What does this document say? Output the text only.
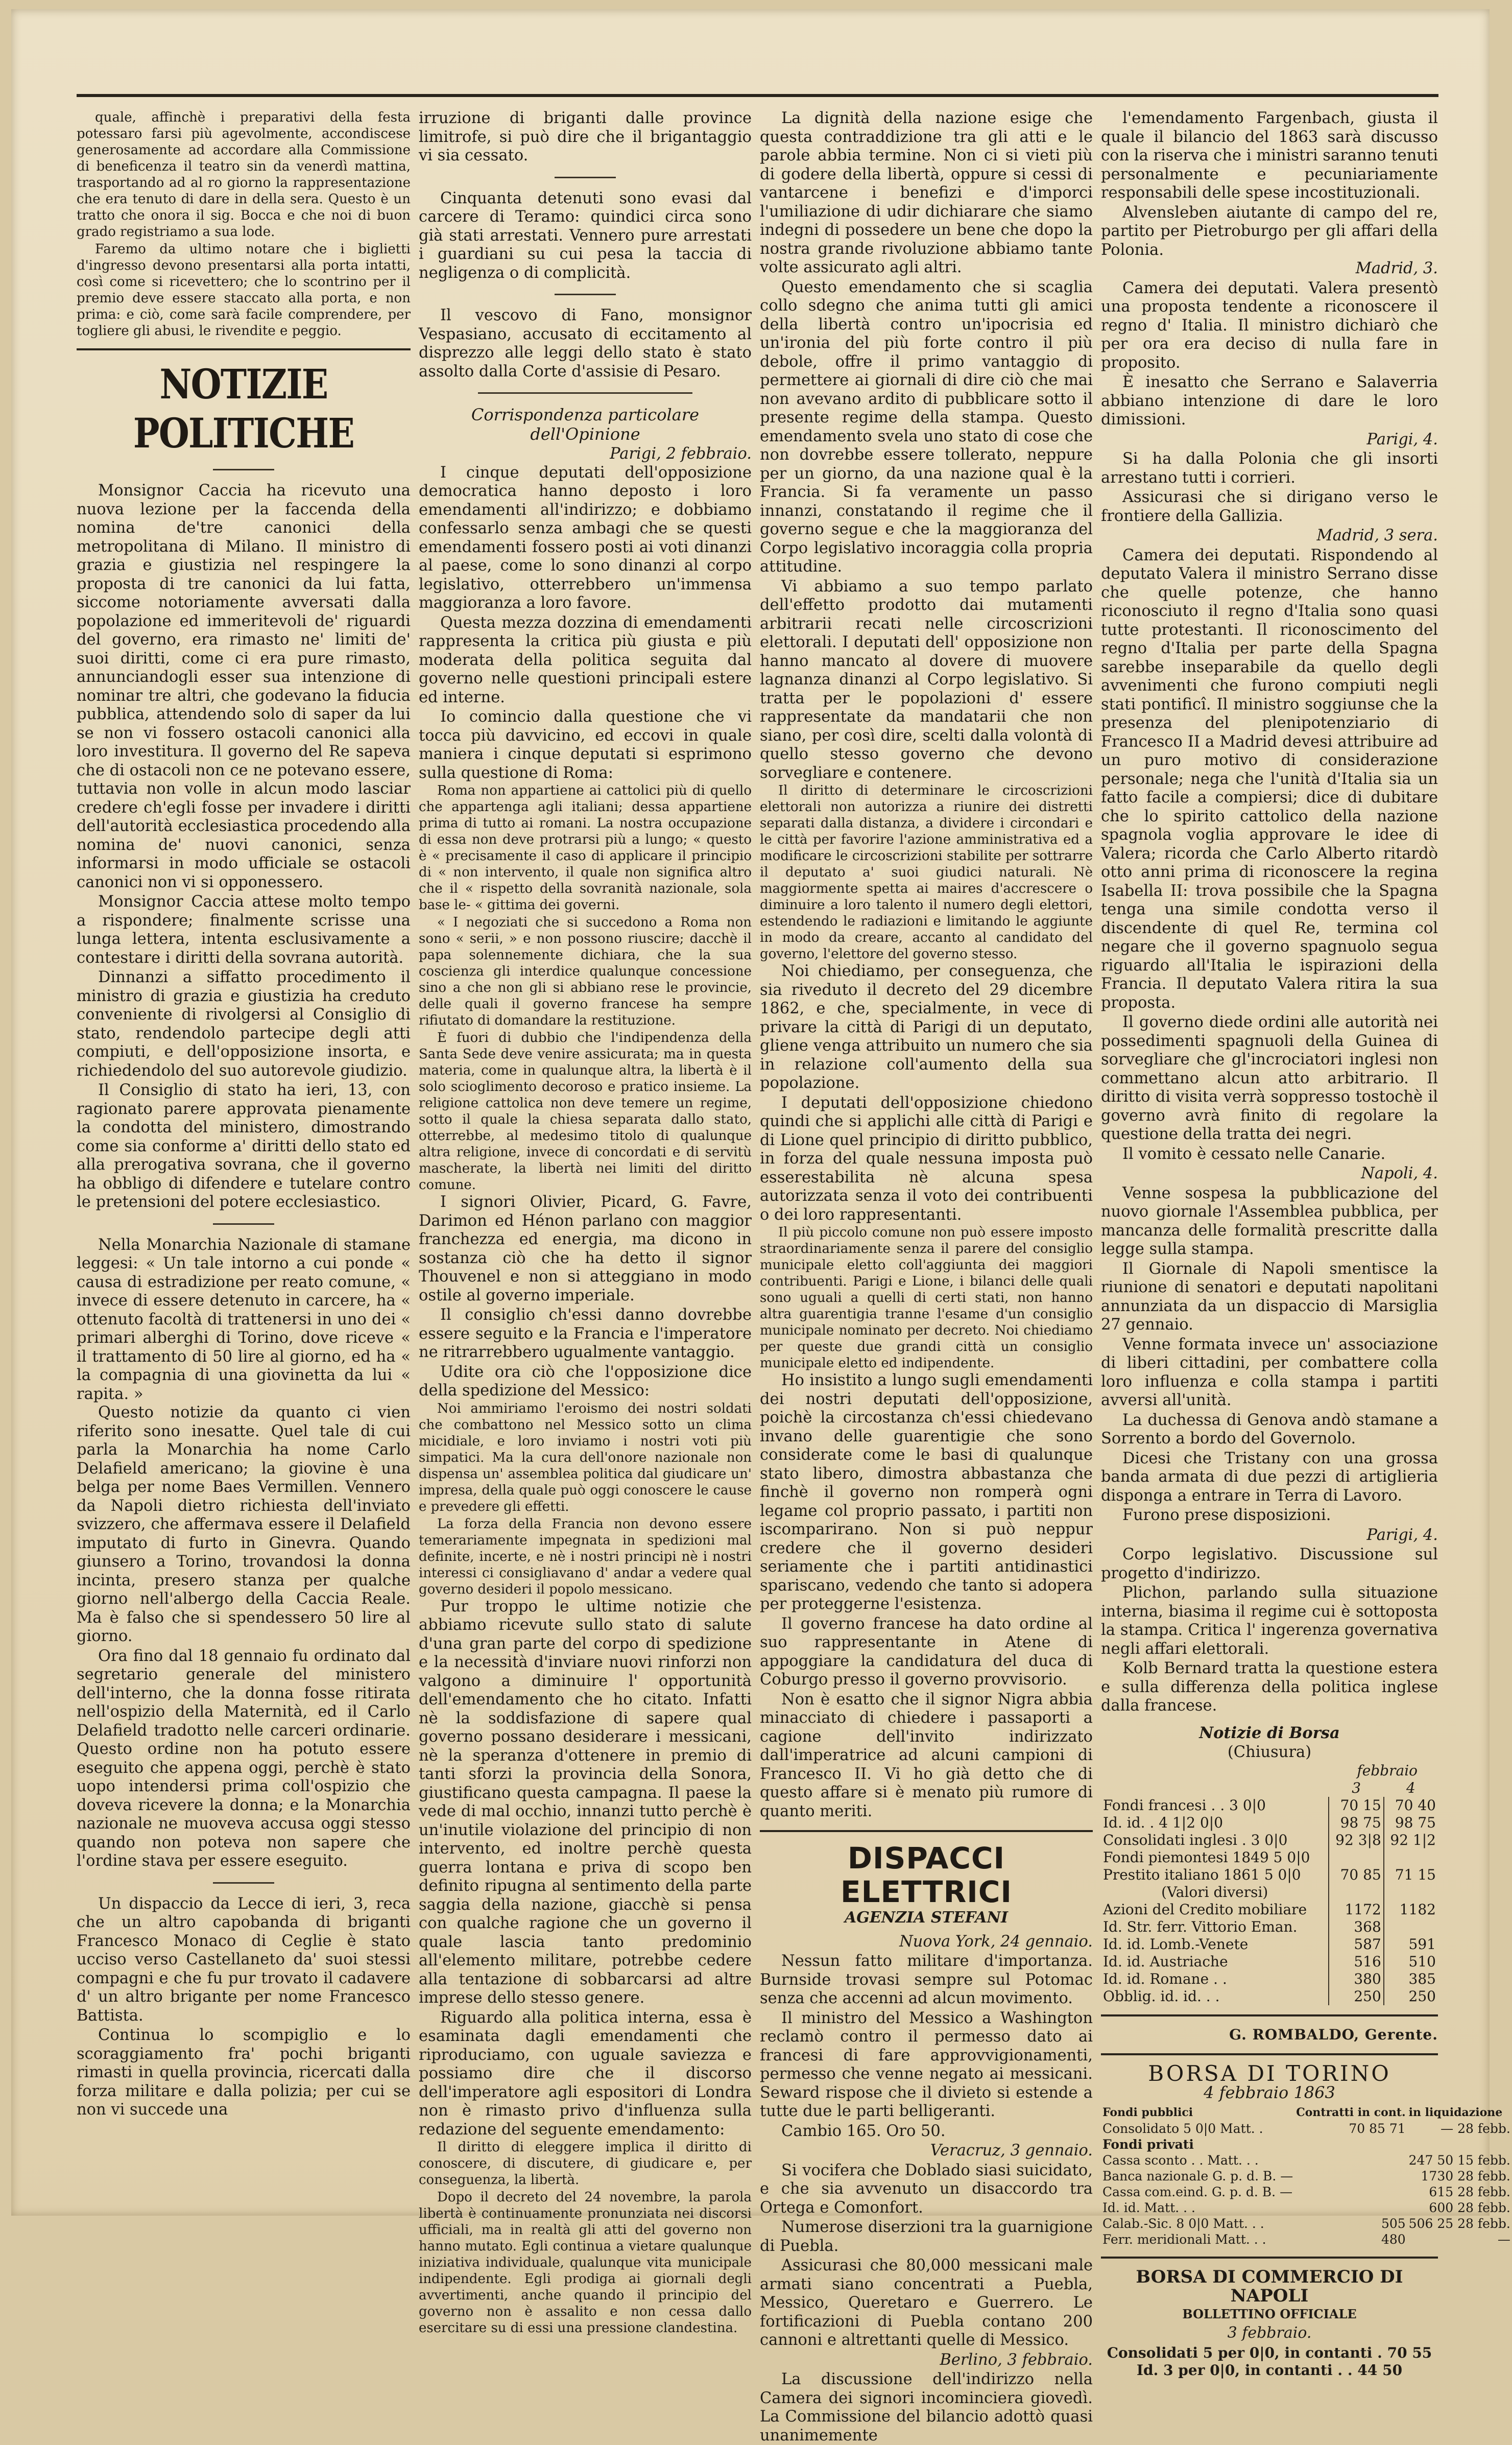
quale, affinchè i preparativi della festa potessaro farsi più agevolmente, accondiscese generosamente ad accordare alla Commissione di beneficenza il teatro sin da venerdì mattina, trasportando ad al ro giorno la rappresentazione che era tenuto di dare in della sera. Questo è un tratto che onora il sig. Bocca e che noi di buon grado registriamo a sua lode.

Faremo da ultimo notare che i biglietti d'ingresso devono presentarsi alla porta intatti, così come si ricevettero; che lo scontrino per il premio deve essere staccato alla porta, e non prima: e ciò, come sarà facile comprendere, per togliere gli abusi, le rivendite e peggio.

NOTIZIE POLITICHE

Monsignor Caccia ha ricevuto una nuova lezione per la faccenda della nomina de'tre canonici della metropolitana di Milano. Il ministro di grazia e giustizia nel respingere la proposta di tre canonici da lui fatta, siccome notoriamente avversati dalla popolazione ed immeritevoli de' riguardi del governo, era rimasto ne' limiti de' suoi diritti, come ci era pure rimasto, annunciandogli esser sua intenzione di nominar tre altri, che godevano la fiducia pubblica, attendendo solo di saper da lui se non vi fossero ostacoli canonici alla loro investitura. Il governo del Re sapeva che di ostacoli non ce ne potevano essere, tuttavia non volle in alcun modo lasciar credere ch'egli fosse per invadere i diritti dell'autorità ecclesiastica procedendo alla nomina de' nuovi canonici, senza informarsi in modo ufficiale se ostacoli canonici non vi si opponessero.

Monsignor Caccia attese molto tempo a rispondere; finalmente scrisse una lunga lettera, intenta esclusivamente a contestare i diritti della sovrana autorità.

Dinnanzi a siffatto procedimento il ministro di grazia e giustizia ha creduto conveniente di rivolgersi al Consiglio di stato, rendendolo partecipe degli atti compiuti, e dell'opposizione insorta, e richiedendolo del suo autorevole giudizio.

Il Consiglio di stato ha ieri, 13, con ragionato parere approvata pienamente la condotta del ministero, dimostrando come sia conforme a' diritti dello stato ed alla prerogativa sovrana, che il governo ha obbligo di difendere e tutelare contro le pretensioni del potere ecclesiastico.

Nella Monarchia Nazionale di stamane leggesi: « Un tale intorno a cui ponde « causa di estradizione per reato comune, « invece di essere detenuto in carcere, ha « ottenuto facoltà di trattenersi in uno dei « primari alberghi di Torino, dove riceve « il trattamento di 50 lire al giorno, ed ha « la compagnia di una giovinetta da lui « rapita. »

Questo notizie da quanto ci vien riferito sono inesatte. Quel tale di cui parla la Monarchia ha nome Carlo Delafield americano; la giovine è una belga per nome Baes Vermillen. Vennero da Napoli dietro richiesta dell'inviato svizzero, che affermava essere il Delafield imputato di furto in Ginevra. Quando giunsero a Torino, trovandosi la donna incinta, presero stanza per qualche giorno nell'albergo della Caccia Reale. Ma è falso che si spendessero 50 lire al giorno.

Ora fino dal 18 gennaio fu ordinato dal segretario generale del ministero dell'interno, che la donna fosse ritirata nell'ospizio della Maternità, ed il Carlo Delafield tradotto nelle carceri ordinarie. Questo ordine non ha potuto essere eseguito che appena oggi, perchè è stato uopo intendersi prima coll'ospizio che doveva ricevere la donna; e la Monarchia nazionale ne muoveva accusa oggi stesso quando non poteva non sapere che l'ordine stava per essere eseguito.

Un dispaccio da Lecce di ieri, 3, reca che un altro capobanda di briganti Francesco Monaco di Ceglie è stato ucciso verso Castellaneto da' suoi stessi compagni e che fu pur trovato il cadavere d' un altro brigante per nome Francesco Battista.

Continua lo scompiglio e lo scoraggiamento fra' pochi briganti rimasti in quella provincia, ricercati dalla forza militare e dalla polizia; per cui se non vi succede una

irruzione di briganti dalle province limitrofe, si può dire che il brigantaggio vi sia cessato.

Cinquanta detenuti sono evasi dal carcere di Teramo: quindici circa sono già stati arrestati. Vennero pure arrestati i guardiani su cui pesa la taccia di negligenza o di complicità.

Il vescovo di Fano, monsignor Vespasiano, accusato di eccitamento al disprezzo alle leggi dello stato è stato assolto dalla Corte d'assisie di Pesaro.

Corrispondenza particolare dell'Opinione

Parigi, 2 febbraio.

I cinque deputati dell'opposizione democratica hanno deposto i loro emendamenti all'indirizzo; e dobbiamo confessarlo senza ambagi che se questi emendamenti fossero posti ai voti dinanzi al paese, come lo sono dinanzi al corpo legislativo, otterrebbero un'immensa maggioranza a loro favore.

Questa mezza dozzina di emendamenti rappresenta la critica più giusta e più moderata della politica seguita dal governo nelle questioni principali estere ed interne.

Io comincio dalla questione che vi tocca più davvicino, ed eccovi in quale maniera i cinque deputati si esprimono sulla questione di Roma:

Roma non appartiene ai cattolici più di quello che appartenga agli italiani; dessa appartiene prima di tutto ai romani. La nostra occupazione di essa non deve protrarsi più a lungo; « questo è « precisamente il caso di applicare il principio di « non intervento, il quale non significa altro che il « rispetto della sovranità nazionale, sola base le- « gittima dei governi.

« I negoziati che si succedono a Roma non sono « serii, » e non possono riuscire; dacchè il papa solennemente dichiara, che la sua coscienza gli interdice qualunque concessione sino a che non gli si abbiano rese le provincie, delle quali il governo francese ha sempre rifiutato di domandare la restituzione.

È fuori di dubbio che l'indipendenza della Santa Sede deve venire assicurata; ma in questa materia, come in qualunque altra, la libertà è il solo scioglimento decoroso e pratico insieme. La religione cattolica non deve temere un regime, sotto il quale la chiesa separata dallo stato, otterrebbe, al medesimo titolo di qualunque altra religione, invece di concordati e di servitù mascherate, la libertà nei limiti del diritto comune.

I signori Olivier, Picard, G. Favre, Darimon ed Hénon parlano con maggior franchezza ed energia, ma dicono in sostanza ciò che ha detto il signor Thouvenel e non si atteggiano in modo ostile al governo imperiale.

Il consiglio ch'essi danno dovrebbe essere seguito e la Francia e l'imperatore ne ritrarrebbero ugualmente vantaggio.

Udite ora ciò che l'opposizione dice della spedizione del Messico:

Noi ammiriamo l'eroismo dei nostri soldati che combattono nel Messico sotto un clima micidiale, e loro inviamo i nostri voti più simpatici. Ma la cura dell'onore nazionale non dispensa un' assemblea politica dal giudicare un' impresa, della quale può oggi conoscere le cause e prevedere gli effetti.

La forza della Francia non devono essere temerariamente impegnata in spedizioni mal definite, incerte, e nè i nostri principi nè i nostri interessi ci consigliavano d' andar a vedere qual governo desideri il popolo messicano.

Pur troppo le ultime notizie che abbiamo ricevute sullo stato di salute d'una gran parte del corpo di spedizione e la necessità d'inviare nuovi rinforzi non valgono a diminuire l' opportunità dell'emendamento che ho citato. Infatti nè la soddisfazione di sapere qual governo possano desiderare i messicani, nè la speranza d'ottenere in premio di tanti sforzi la provincia della Sonora, giustificano questa campagna. Il paese la vede di mal occhio, innanzi tutto perchè è un'inutile violazione del principio di non intervento, ed inoltre perchè questa guerra lontana e priva di scopo ben definito ripugna al sentimento della parte saggia della nazione, giacchè si pensa con qualche ragione che un governo il quale lascia tanto predominio all'elemento militare, potrebbe cedere alla tentazione di sobbarcarsi ad altre imprese dello stesso genere.

Riguardo alla politica interna, essa è esaminata dagli emendamenti che riproduciamo, con uguale saviezza e possiamo dire che il discorso dell'imperatore agli espositori di Londra non è rimasto privo d'influenza sulla redazione del seguente emendamento:

Il diritto di eleggere implica il diritto di conoscere, di discutere, di giudicare e, per conseguenza, la libertà.

Dopo il decreto del 24 novembre, la parola libertà è continuamente pronunziata nei discorsi ufficiali, ma in realtà gli atti del governo non hanno mutato. Egli continua a vietare qualunque iniziativa individuale, qualunque vita municipale indipendente. Egli prodiga ai giornali degli avvertimenti, anche quando il principio del governo non è assalito e non cessa dallo esercitare su di essi una pressione clandestina.

La dignità della nazione esige che questa contraddizione tra gli atti e le parole abbia termine. Non ci si vieti più di godere della libertà, oppure si cessi di vantarcene i benefizi e d'imporci l'umiliazione di udir dichiarare che siamo indegni di possedere un bene che dopo la nostra grande rivoluzione abbiamo tante volte assicurato agli altri.

Questo emendamento che si scaglia collo sdegno che anima tutti gli amici della libertà contro un'ipocrisia ed un'ironia del più forte contro il più debole, offre il primo vantaggio di permettere ai giornali di dire ciò che mai non avevano ardito di pubblicare sotto il presente regime della stampa. Questo emendamento svela uno stato di cose che non dovrebbe essere tollerato, neppure per un giorno, da una nazione qual è la Francia. Si fa veramente un passo innanzi, constatando il regime che il governo segue e che la maggioranza del Corpo legislativo incoraggia colla propria attitudine.

Vi abbiamo a suo tempo parlato dell'effetto prodotto dai mutamenti arbitrarii recati nelle circoscrizioni elettorali. I deputati dell' opposizione non hanno mancato al dovere di muovere lagnanza dinanzi al Corpo legislativo. Si tratta per le popolazioni d' essere rappresentate da mandatarii che non siano, per così dire, scelti dalla volontà di quello stesso governo che devono sorvegliare e contenere.

Il diritto di determinare le circoscrizioni elettorali non autorizza a riunire dei distretti separati dalla distanza, a dividere i circondari e le città per favorire l'azione amministrativa ed a modificare le circoscrizioni stabilite per sottrarre il deputato a' suoi giudici naturali. Nè maggiormente spetta ai maires d'accrescere o diminuire a loro talento il numero degli elettori, estendendo le radiazioni e limitando le aggiunte in modo da creare, accanto al candidato del governo, l'elettore del governo stesso.

Noi chiediamo, per conseguenza, che sia riveduto il decreto del 29 dicembre 1862, e che, specialmente, in vece di privare la città di Parigi di un deputato, gliene venga attribuito un numero che sia in relazione coll'aumento della sua popolazione.

I deputati dell'opposizione chiedono quindi che si applichi alle città di Parigi e di Lione quel principio di diritto pubblico, in forza del quale nessuna imposta può esserestabilita nè alcuna spesa autorizzata senza il voto dei contribuenti o dei loro rappresentanti.

Il più piccolo comune non può essere imposto straordinariamente senza il parere del consiglio municipale eletto coll'aggiunta dei maggiori contribuenti. Parigi e Lione, i bilanci delle quali sono uguali a quelli di certi stati, non hanno altra guarentigia tranne l'esame d'un consiglio municipale nominato per decreto. Noi chiediamo per queste due grandi città un consiglio municipale eletto ed indipendente.

Ho insistito a lungo sugli emendamenti dei nostri deputati dell'opposizione, poichè la circostanza ch'essi chiedevano invano delle guarentigie che sono considerate come le basi di qualunque stato libero, dimostra abbastanza che finchè il governo non romperà ogni legame col proprio passato, i partiti non iscomparirano. Non si può neppur credere che il governo desideri seriamente che i partiti antidinastici spariscano, vedendo che tanto si adopera per proteggerne l'esistenza.

Il governo francese ha dato ordine al suo rappresentante in Atene di appoggiare la candidatura del duca di Coburgo presso il governo provvisorio.

Non è esatto che il signor Nigra abbia minacciato di chiedere i passaporti a cagione dell'invito indirizzato dall'imperatrice ad alcuni campioni di Francesco II. Vi ho già detto che di questo affare si è menato più rumore di quanto meriti.

DISPACCI ELETTRICI
AGENZIA STEFANI

Nuova York, 24 gennaio.

Nessun fatto militare d'importanza. Burnside trovasi sempre sul Potomac senza che accenni ad alcun movimento.

Il ministro del Messico a Washington reclamò contro il permesso dato ai francesi di fare approvvigionamenti, permesso che venne negato ai messicani. Seward rispose che il divieto si estende a tutte due le parti belligeranti.

Cambio 165. Oro 50.

Veracruz, 3 gennaio.

Si vocifera che Doblado siasi suicidato, e che sia avvenuto un disaccordo tra Ortega e Comonfort.

Numerose diserzioni tra la guarnigione di Puebla.

Assicurasi che 80,000 messicani male armati siano concentrati a Puebla, Messico, Queretaro e Guerrero. Le fortificazioni di Puebla contano 200 cannoni e altrettanti quelle di Messico.

Berlino, 3 febbraio.

La discussione dell'indirizzo nella Camera dei signori incominciera giovedì. La Commissione del bilancio adottò quasi unanimemente

l'emendamento Fargenbach, giusta il quale il bilancio del 1863 sarà discusso con la riserva che i ministri saranno tenuti personalmente e pecuniariamente responsabili delle spese incostituzionali.

Alvensleben aiutante di campo del re, partito per Pietroburgo per gli affari della Polonia.

Madrid, 3.

Camera dei deputati. Valera presentò una proposta tendente a riconoscere il regno d' Italia. Il ministro dichiarò che per ora era deciso di nulla fare in proposito.

È inesatto che Serrano e Salaverria abbiano intenzione di dare le loro dimissioni.

Parigi, 4.

Si ha dalla Polonia che gli insorti arrestano tutti i corrieri.

Assicurasi che si dirigano verso le frontiere della Gallizia.

Madrid, 3 sera.

Camera dei deputati. Rispondendo al deputato Valera il ministro Serrano disse che quelle potenze, che hanno riconosciuto il regno d'Italia sono quasi tutte protestanti. Il riconoscimento del regno d'Italia per parte della Spagna sarebbe inseparabile da quello degli avvenimenti che furono compiuti negli stati pontificî. Il ministro soggiunse che la presenza del plenipotenziario di Francesco II a Madrid devesi attribuire ad un puro motivo di considerazione personale; nega che l'unità d'Italia sia un fatto facile a compiersi; dice di dubitare che lo spirito cattolico della nazione spagnola voglia approvare le idee di Valera; ricorda che Carlo Alberto ritardò otto anni prima di riconoscere la regina Isabella II: trova possibile che la Spagna tenga una simile condotta verso il discendente di quel Re, termina col negare che il governo spagnuolo segua riguardo all'Italia le ispirazioni della Francia. Il deputato Valera ritira la sua proposta.

Il governo diede ordini alle autorità nei possedimenti spagnuoli della Guinea di sorvegliare che gl'incrociatori inglesi non commettano alcun atto arbitrario. Il diritto di visita verrà soppresso tostochè il governo avrà finito di regolare la questione della tratta dei negri.

Il vomito è cessato nelle Canarie.

Napoli, 4.

Venne sospesa la pubblicazione del nuovo giornale l'Assemblea pubblica, per mancanza delle formalità prescritte dalla legge sulla stampa.

Il Giornale di Napoli smentisce la riunione di senatori e deputati napolitani annunziata da un dispaccio di Marsiglia 27 gennaio.

Venne formata invece un' associazione di liberi cittadini, per combattere colla loro influenza e colla stampa i partiti avversi all'unità.

La duchessa di Genova andò stamane a Sorrento a bordo del Governolo.

Dicesi che Tristany con una grossa banda armata di due pezzi di artiglieria disponga a entrare in Terra di Lavoro.

Furono prese disposizioni.

Parigi, 4.

Corpo legislativo. Discussione sul progetto d'indirizzo.

Plichon, parlando sulla situazione interna, biasima il regime cui è sottoposta la stampa. Critica l' ingerenza governativa negli affari elettorali.

Kolb Bernard tratta la questione estera e sulla differenza della politica inglese dalla francese.

Notizie di Borsa

(Chiusura)

	febbraio	
	3	4
Fondi francesi . . 3 0|0	70 15	70 40
Id. id. . 4 1|2 0|0	98 75	98 75
Consolidati inglesi . 3 0|0	92 3|8	92 1|2
Fondi piemontesi 1849 5 0|0		
Prestito italiano 1861 5 0|0	70 85	71 15
(Valori diversi)		
Azioni del Credito mobiliare	1172	1182
Id. Str. ferr. Vittorio Eman.	368	
Id. id. Lomb.-Venete	587	591
Id. id. Austriache	516	510
Id. id. Romane . .	380	385
Obblig. id. id. . .	250	250
G. ROMBALDO, Gerente.
BORSA DI TORINO
4 febbraio 1863
Fondi pubblici	Contratti in cont.	in liquidazione
Consolidato 5 0|0 Matt. .	70 85 71	— 28 febb.
Fondi privati		
Cassa sconto . . Matt. . .		247 50 15 febb.
Banca nazionale G. p. d. B. —		1730 28 febb.
Cassa com.eind. G. p. d. B. —		615 28 febb.
Id. id. Matt. . .		600 28 febb.
Calab.-Sic. 8 0|0 Matt. . .	505	506 25 28 febb.
Ferr. meridionali Matt. . .	480	—
BORSA DI COMMERCIO DI NAPOLI
BOLLETTINO OFFICIALE
3 febbraio.
Consolidati 5 per 0|0, in contanti . 70 55
Id. 3 per 0|0, in contanti . . 44 50
